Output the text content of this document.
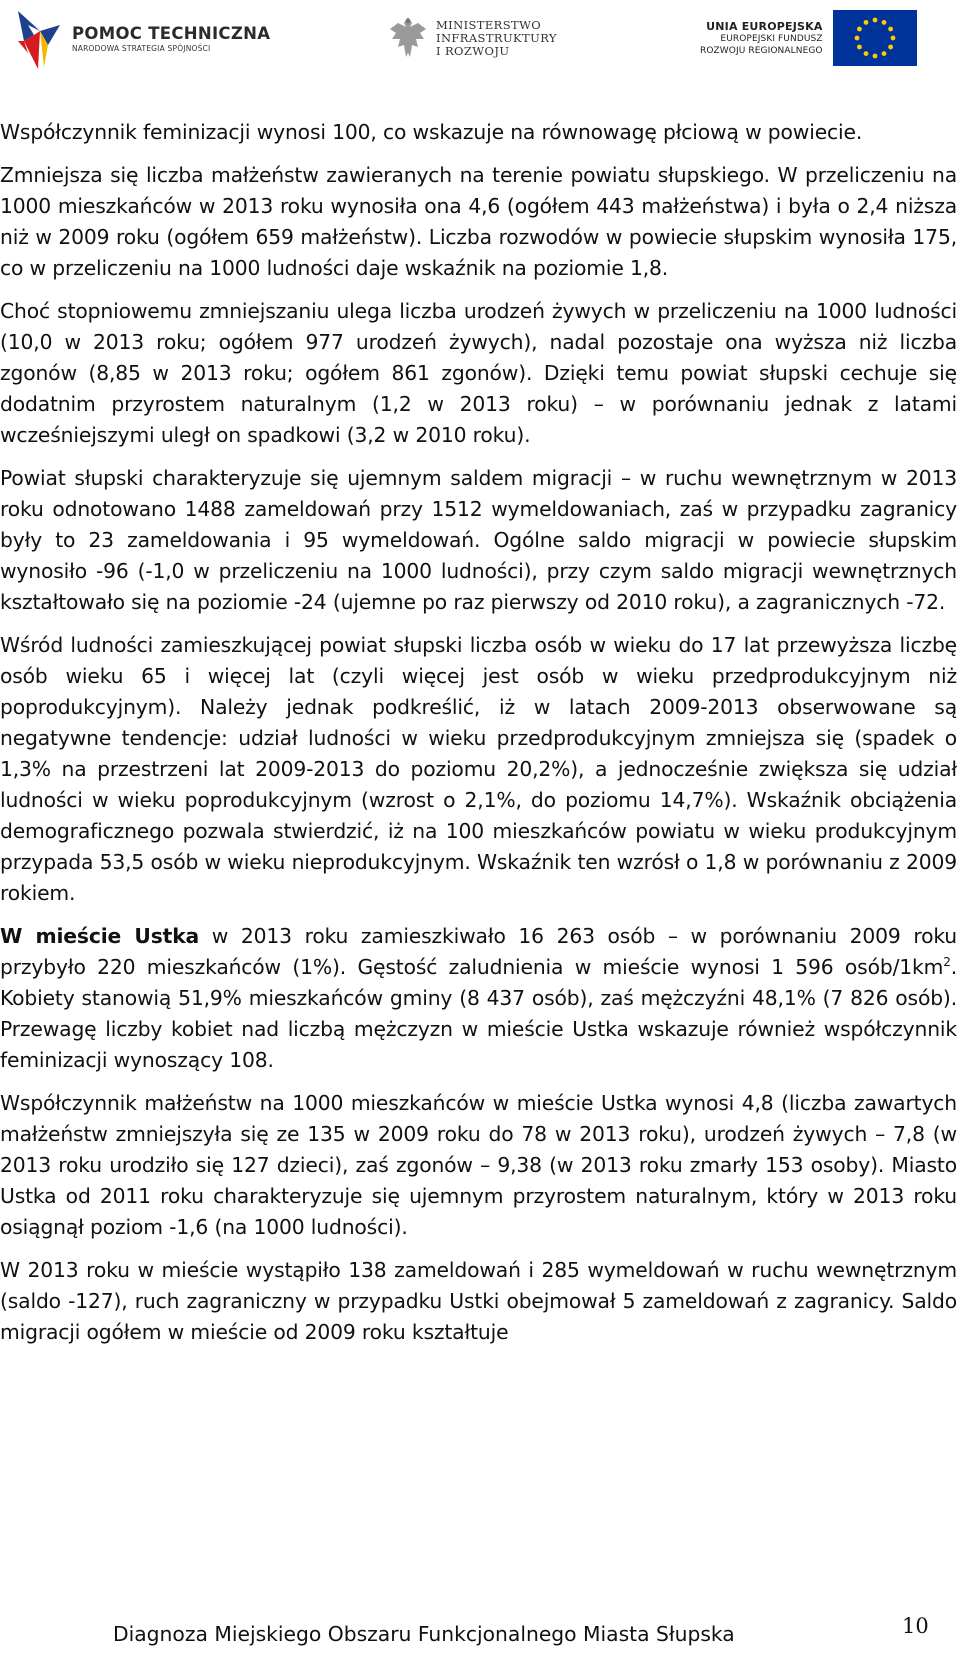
POMOC TECHNICZNA
NARODOWA STRATEGIA SPÓJNOŚCI
MINISTERSTWO
INFRASTRUKTURY
I ROZWOJU
UNIA EUROPEJSKA
EUROPEJSKI FUNDUSZ
ROZWOJU REGIONALNEGO

Współczynnik feminizacji wynosi 100, co wskazuje na równowagę płciową w powiecie.

Zmniejsza się liczba małżeństw zawieranych na terenie powiatu słupskiego. W przeliczeniu na 1000 mieszkańców w 2013 roku wynosiła ona 4,6 (ogółem 443 małżeństwa) i była o 2,4 niższa niż w 2009 roku (ogółem 659 małżeństw). Liczba rozwodów w powiecie słupskim wynosiła 175, co w przeliczeniu na 1000 ludności daje wskaźnik na poziomie 1,8.

Choć stopniowemu zmniejszaniu ulega liczba urodzeń żywych w przeliczeniu na 1000 ludności (10,0 w 2013 roku; ogółem 977 urodzeń żywych), nadal pozostaje ona wyższa niż liczba zgonów (8,85 w 2013 roku; ogółem 861 zgonów). Dzięki temu powiat słupski cechuje się dodatnim przyrostem naturalnym (1,2 w 2013 roku) – w porównaniu jednak z latami wcześniejszymi uległ on spadkowi (3,2 w 2010 roku).

Powiat słupski charakteryzuje się ujemnym saldem migracji – w ruchu wewnętrznym w 2013 roku odnotowano 1488 zameldowań przy 1512 wymeldowaniach, zaś w przypadku zagranicy były to 23 zameldowania i 95 wymeldowań. Ogólne saldo migracji w powiecie słupskim wynosiło -96 (-1,0 w przeliczeniu na 1000 ludności), przy czym saldo migracji wewnętrznych kształtowało się na poziomie -24 (ujemne po raz pierwszy od 2010 roku), a zagranicznych -72.

Wśród ludności zamieszkującej powiat słupski liczba osób w wieku do 17 lat przewyższa liczbę osób wieku 65 i więcej lat (czyli więcej jest osób w wieku przedprodukcyjnym niż poprodukcyjnym). Należy jednak podkreślić, iż w latach 2009-2013 obserwowane są negatywne tendencje: udział ludności w wieku przedprodukcyjnym zmniejsza się (spadek o 1,3% na przestrzeni lat 2009-2013 do poziomu 20,2%), a jednocześnie zwiększa się udział ludności w wieku poprodukcyjnym (wzrost o 2,1%, do poziomu 14,7%). Wskaźnik obciążenia demograficznego pozwala stwierdzić, iż na 100 mieszkańców powiatu w wieku produkcyjnym przypada 53,5 osób w wieku nieprodukcyjnym. Wskaźnik ten wzrósł o 1,8 w porównaniu z 2009 rokiem.

W mieście Ustka w 2013 roku zamieszkiwało 16 263 osób – w porównaniu 2009 roku przybyło 220 mieszkańców (1%). Gęstość zaludnienia w mieście wynosi 1 596 osób/$1km^2$. Kobiety stanowią 51,9% mieszkańców gminy (8 437 osób), zaś mężczyźni 48,1% (7 826 osób). Przewagę liczby kobiet nad liczbą mężczyzn w mieście Ustka wskazuje również współczynnik feminizacji wynoszący 108.

Współczynnik małżeństw na 1000 mieszkańców w mieście Ustka wynosi 4,8 (liczba zawartych małżeństw zmniejszyła się ze 135 w 2009 roku do 78 w 2013 roku), urodzeń żywych – 7,8 (w 2013 roku urodziło się 127 dzieci), zaś zgonów – 9,38 (w 2013 roku zmarły 153 osoby). Miasto Ustka od 2011 roku charakteryzuje się ujemnym przyrostem naturalnym, który w 2013 roku osiągnął poziom -1,6 (na 1000 ludności).

W 2013 roku w mieście wystąpiło 138 zameldowań i 285 wymeldowań w ruchu wewnętrznym (saldo -127), ruch zagraniczny w przypadku Ustki obejmował 5 zameldowań z zagranicy. Saldo migracji ogółem w mieście od 2009 roku kształtuje

Diagnoza Miejskiego Obszaru Funkcjonalnego Miasta Słupska	10
